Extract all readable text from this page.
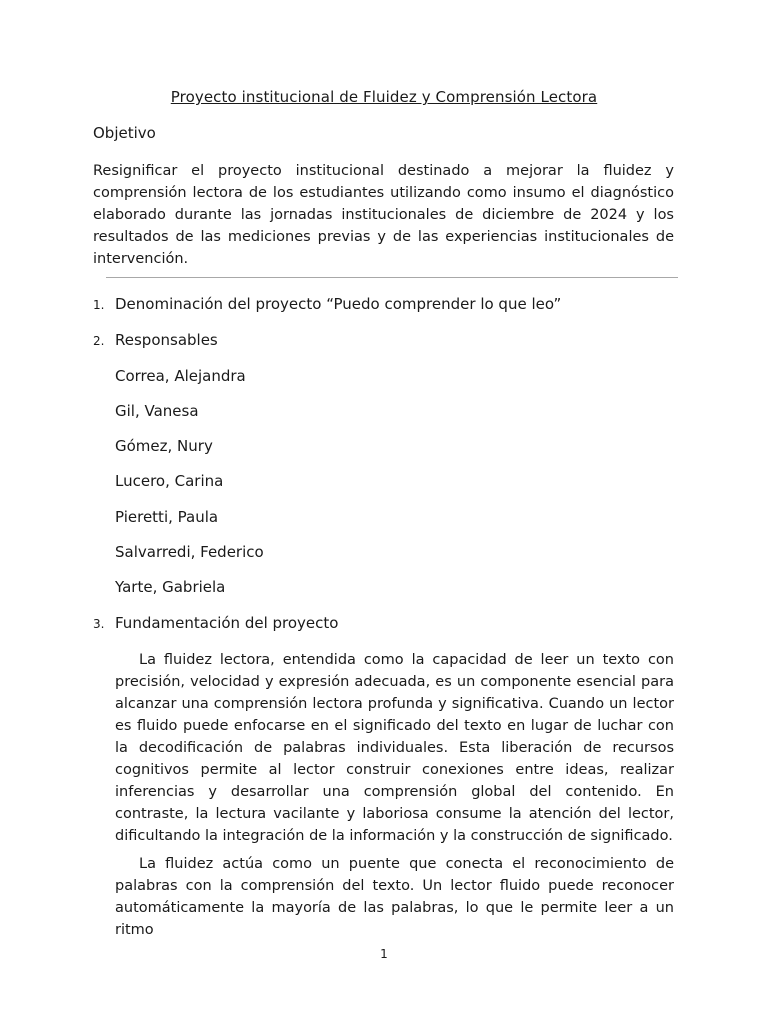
Proyecto institucional de Fluidez y Comprensión Lectora
Objetivo
Resignificar el proyecto institucional destinado a mejorar la fluidez y comprensión lectora de los estudiantes utilizando como insumo el diagnóstico elaborado durante las jornadas institucionales de diciembre de 2024 y los resultados de las mediciones previas y de las experiencias institucionales de intervención.
1. Denominación del proyecto “Puedo comprender lo que leo”
2. Responsables
Correa, Alejandra
Gil, Vanesa
Gómez, Nury
Lucero, Carina
Pieretti, Paula
Salvarredi, Federico
Yarte, Gabriela
3. Fundamentación del proyecto
La fluidez lectora, entendida como la capacidad de leer un texto con precisión, velocidad y expresión adecuada, es un componente esencial para alcanzar una comprensión lectora profunda y significativa. Cuando un lector es fluido puede enfocarse en el significado del texto en lugar de luchar con la decodificación de palabras individuales. Esta liberación de recursos cognitivos permite al lector construir conexiones entre ideas, realizar inferencias y desarrollar una comprensión global del contenido. En contraste, la lectura vacilante y laboriosa consume la atención del lector, dificultando la integración de la información y la construcción de significado.
La fluidez actúa como un puente que conecta el reconocimiento de palabras con la comprensión del texto. Un lector fluido puede reconocer automáticamente la mayoría de las palabras, lo que le permite leer a un ritmo
1
